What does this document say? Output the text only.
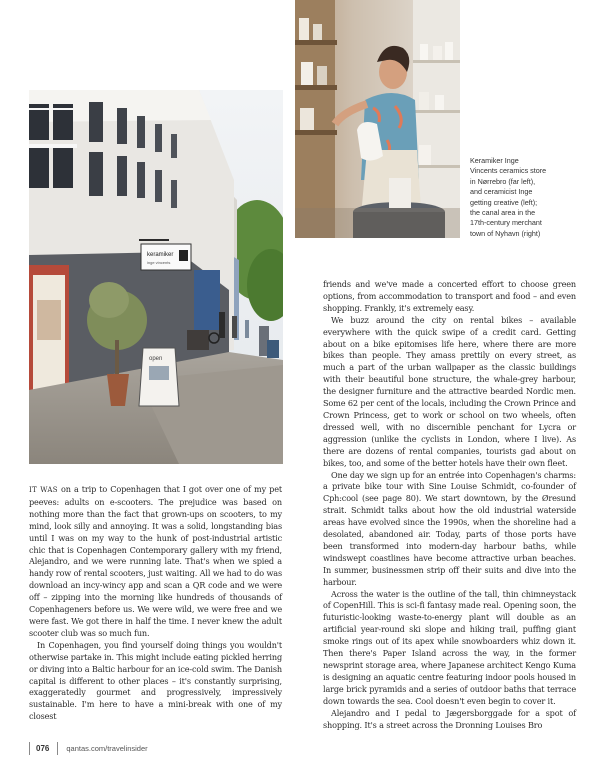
keramiker
inge vincents
open
Keramiker Inge
Vincents ceramics store
in Nørrebro (far left),
and ceramicist Inge
getting creative (left);
the canal area in the
17th-century merchant
town of Nyhavn (right)

IT WAS on a trip to Copenhagen that I got over one of my pet peeves: adults on e-scooters. The prejudice was based on nothing more than the fact that grown-ups on scooters, to my mind, look silly and annoying. It was a solid, longstanding bias until I was on my way to the hunk of post-industrial artistic chic that is Copenhagen Contemporary gallery with my friend, Alejandro, and we were running late. That's when we spied a handy row of rental scooters, just waiting. All we had to do was download an incy-wincy app and scan a QR code and we were off – zipping into the morning like hundreds of thousands of Copenhageners before us. We were wild, we were free and we were fast. We got there in half the time. I never knew the adult scooter club was so much fun.

In Copenhagen, you find yourself doing things you wouldn't otherwise partake in. This might include eating pickled herring or diving into a Baltic harbour for an ice-cold swim. The Danish capital is different to other places – it's constantly surprising, exaggeratedly gourmet and progressively, impressively sustainable. I'm here to have a mini-break with one of my closest

friends and we've made a concerted effort to choose green options, from accommodation to transport and food – and even shopping. Frankly, it's extremely easy.

We buzz around the city on rental bikes – available everywhere with the quick swipe of a credit card. Getting about on a bike epitomises life here, where there are more bikes than people. They amass prettily on every street, as much a part of the urban wallpaper as the classic buildings with their beautiful bone structure, the whale-grey harbour, the designer furniture and the attractive bearded Nordic men. Some 62 per cent of the locals, including the Crown Prince and Crown Princess, get to work or school on two wheels, often dressed well, with no discernible penchant for Lycra or aggression (unlike the cyclists in London, where I live). As there are dozens of rental companies, tourists gad about on bikes, too, and some of the better hotels have their own fleet.

One day we sign up for an entrée into Copenhagen's charms: a private bike tour with Sine Louise Schmidt, co-founder of Cph:cool (see page 80). We start downtown, by the Øresund strait. Schmidt talks about how the old industrial waterside areas have evolved since the 1990s, when the shoreline had a desolated, abandoned air. Today, parts of those ports have been transformed into modern-day harbour baths, while windswept coastlines have become attractive urban beaches. In summer, businessmen strip off their suits and dive into the harbour.

Across the water is the outline of the tall, thin chimneystack of CopenHill. This is sci-fi fantasy made real. Opening soon, the futuristic-looking waste-to-energy plant will double as an artificial year-round ski slope and hiking trail, puffing giant smoke rings out of its apex while snowboarders whiz down it. Then there's Paper Island across the way, in the former newsprint storage area, where Japanese architect Kengo Kuma is designing an aquatic centre featuring indoor pools housed in large brick pyramids and a series of outdoor baths that terrace down towards the sea. Cool doesn't even begin to cover it.

Alejandro and I pedal to Jægersborggade for a spot of shopping. It's a street across the Dronning Louises Bro

076 qantas.com/travelinsider
